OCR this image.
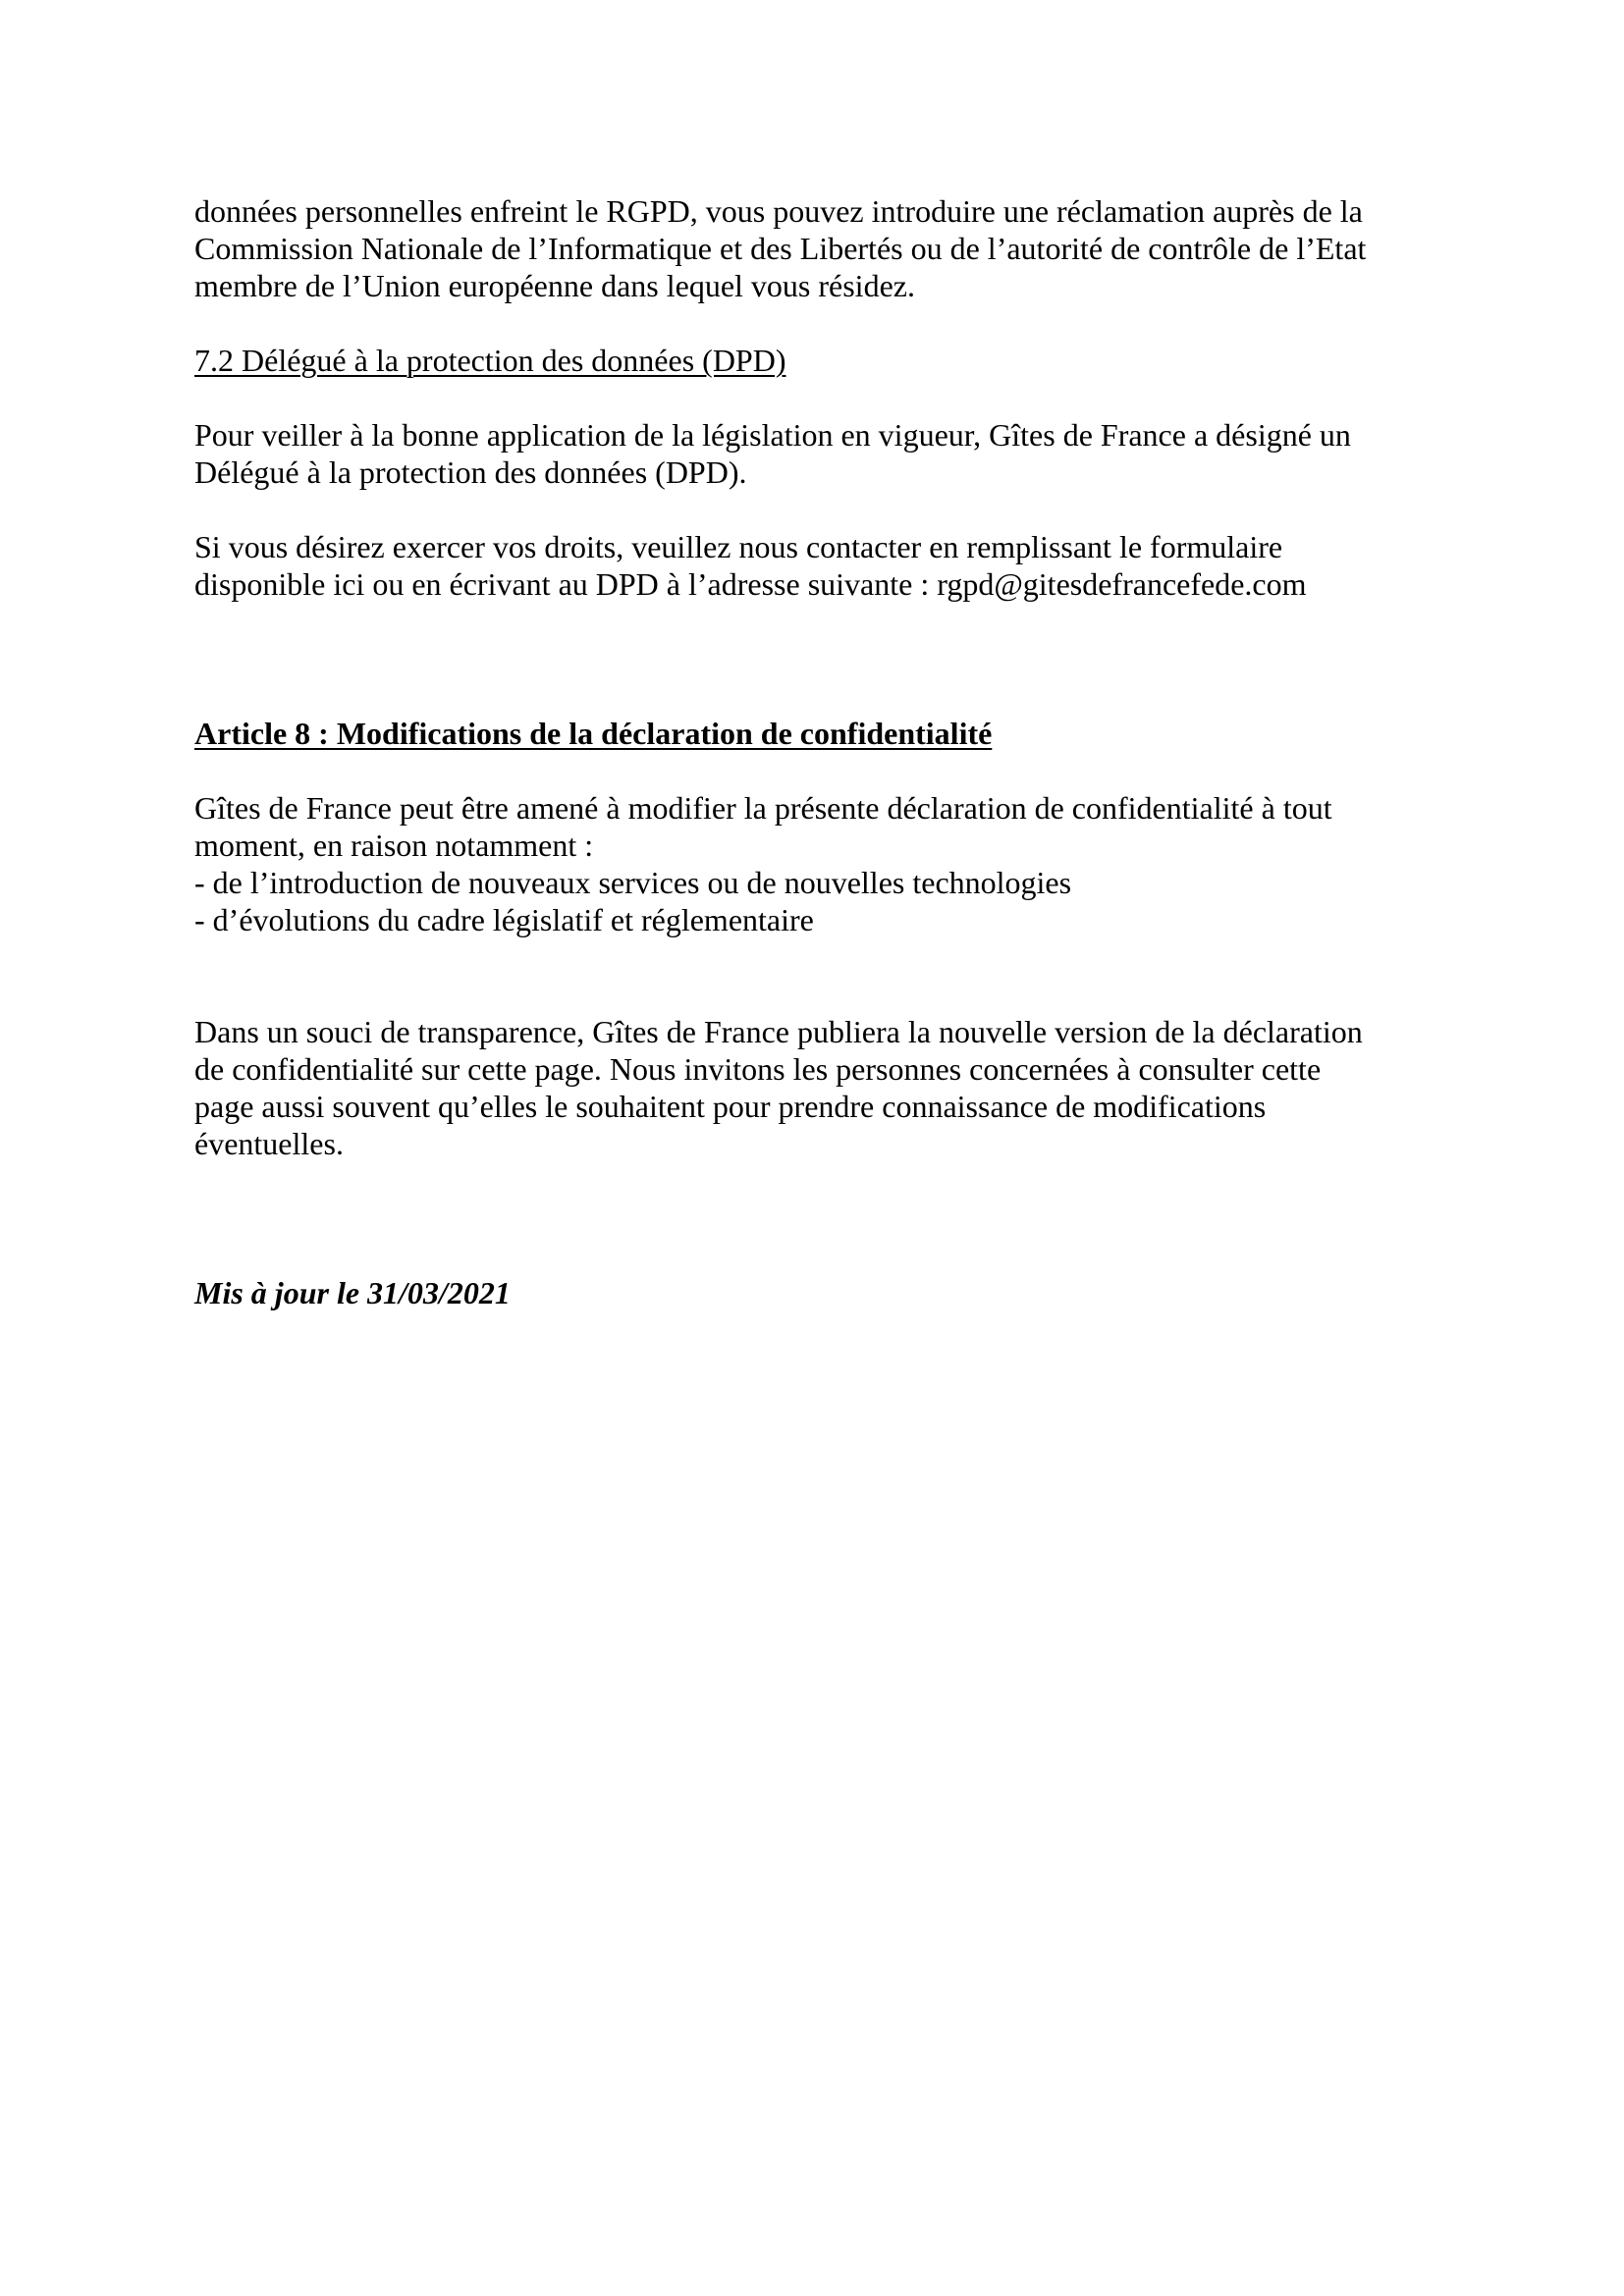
données personnelles enfreint le RGPD, vous pouvez introduire une réclamation auprès de la
Commission Nationale de l’Informatique et des Libertés ou de l’autorité de contrôle de l’Etat
membre de l’Union européenne dans lequel vous résidez.

7.2 Délégué à la protection des données (DPD)

Pour veiller à la bonne application de la législation en vigueur, Gîtes de France a désigné un
Délégué à la protection des données (DPD).

Si vous désirez exercer vos droits, veuillez nous contacter en remplissant le formulaire
disponible ici ou en écrivant au DPD à l’adresse suivante : rgpd@gitesdefrancefede.com

Article 8 : Modifications de la déclaration de confidentialité

Gîtes de France peut être amené à modifier la présente déclaration de confidentialité à tout
moment, en raison notamment :
- de l’introduction de nouveaux services ou de nouvelles technologies
- d’évolutions du cadre législatif et réglementaire

Dans un souci de transparence, Gîtes de France publiera la nouvelle version de la déclaration
de confidentialité sur cette page. Nous invitons les personnes concernées à consulter cette
page aussi souvent qu’elles le souhaitent pour prendre connaissance de modifications
éventuelles.

Mis à jour le 31/03/2021
